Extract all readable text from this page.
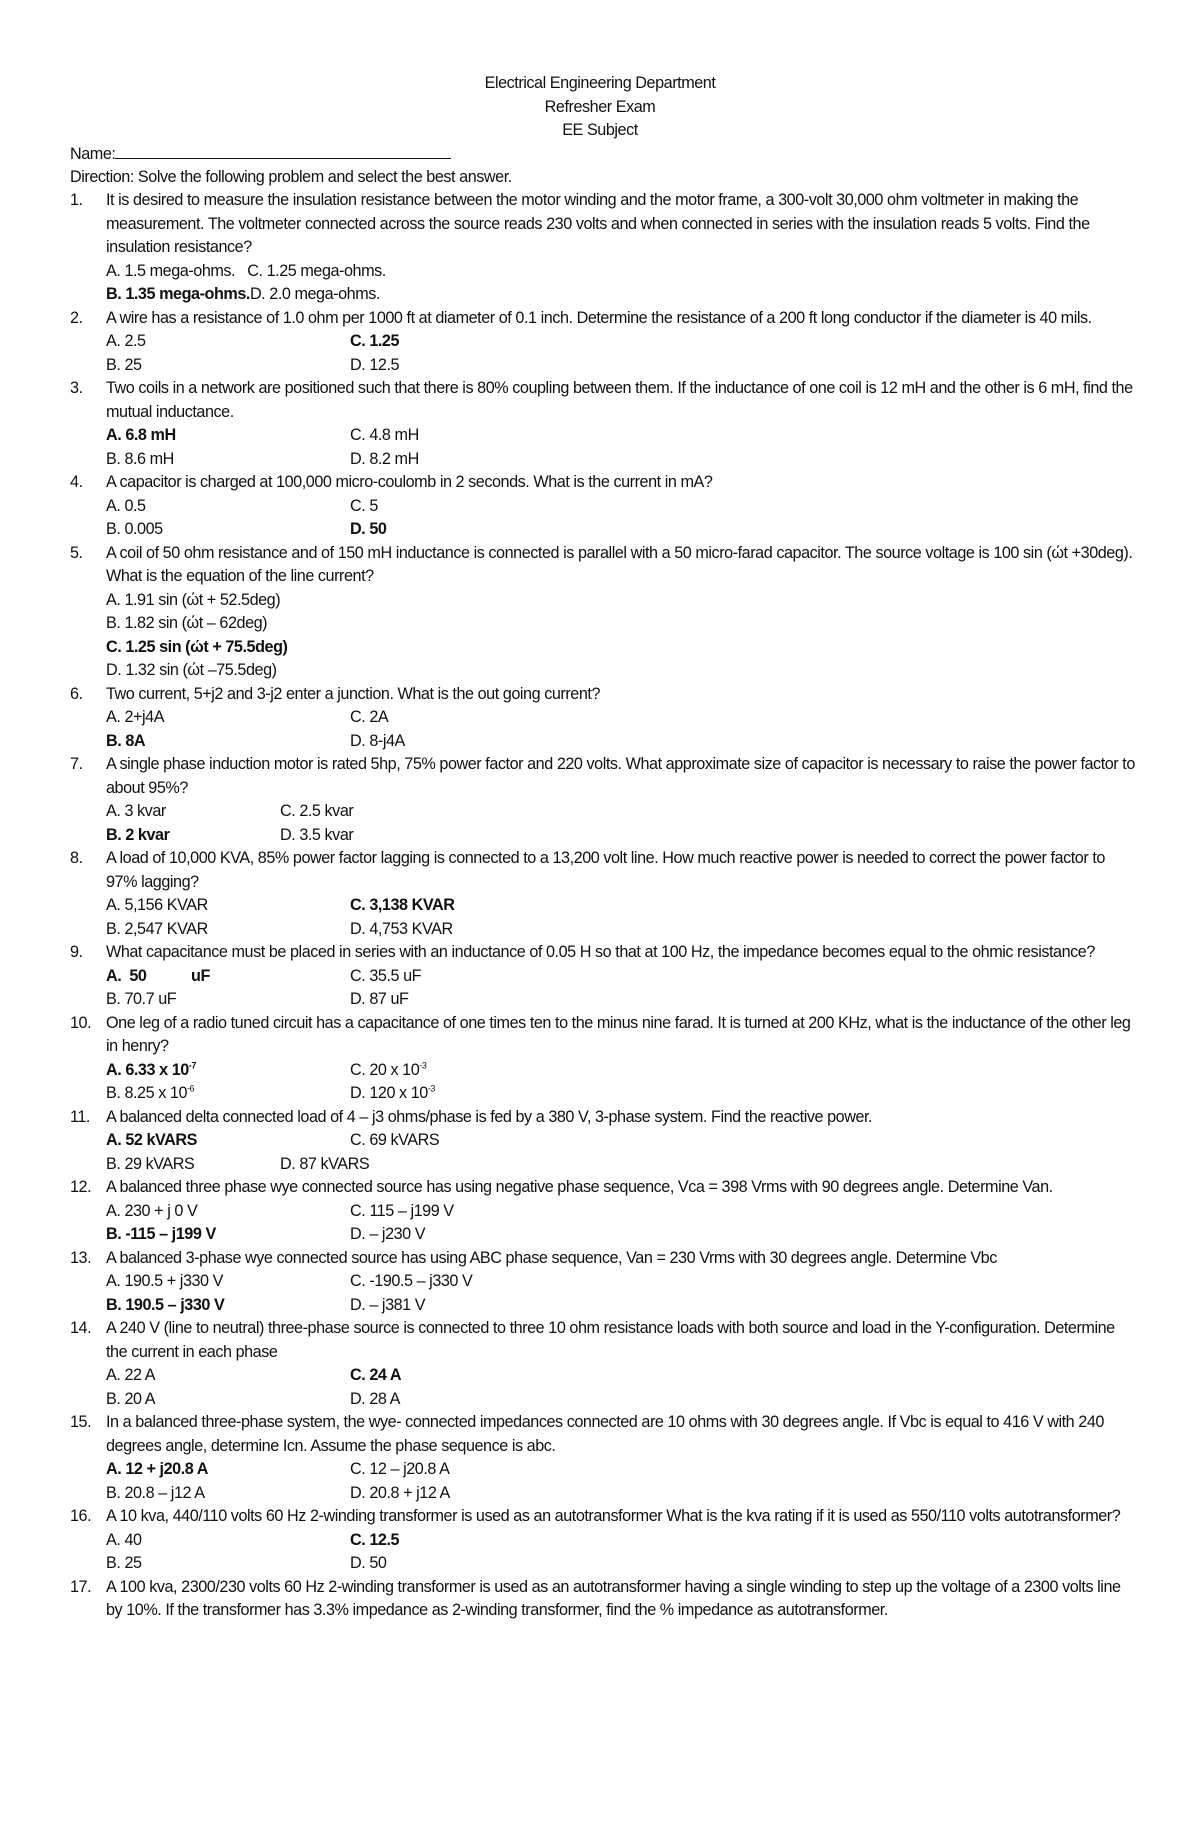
Electrical Engineering Department
Refresher Exam
EE Subject
Name:
Direction: Solve the following problem and select the best answer.
1. It is desired to measure the insulation resistance between the motor winding and the motor frame, a 300-volt 30,000 ohm voltmeter in making the measurement. The voltmeter connected across the source reads 230 volts and when connected in series with the insulation reads 5 volts. Find the insulation resistance?
A. 1.5 mega-ohms. C. 1.25 mega-ohms.
B. 1.35 mega-ohms.D. 2.0 mega-ohms.
2. A wire has a resistance of 1.0 ohm per 1000 ft at diameter of 0.1 inch. Determine the resistance of a 200 ft long conductor if the diameter is 40 mils.
A. 2.5	C. 1.25
B. 25	D. 12.5
3. Two coils in a network are positioned such that there is 80% coupling between them. If the inductance of one coil is 12 mH and the other is 6 mH, find the mutual inductance.
A. 6.8 mH	C. 4.8 mH
B. 8.6 mH	D. 8.2 mH
4. A capacitor is charged at 100,000 micro-coulomb in 2 seconds. What is the current in mA?
A. 0.5	C. 5
B. 0.005	D. 50
5. A coil of 50 ohm resistance and of 150 mH inductance is connected is parallel with a 50 micro-farad capacitor. The source voltage is 100 sin (ώt +30deg). What is the equation of the line current?
A. 1.91 sin (ώt + 52.5deg)
B. 1.82 sin (ώt – 62deg)
C. 1.25 sin (ώt + 75.5deg)
D. 1.32 sin (ώt –75.5deg)
6. Two current, 5+j2 and 3-j2 enter a junction. What is the out going current?
A. 2+j4A	C. 2A
B. 8A	D. 8-j4A
7. A single phase induction motor is rated 5hp, 75% power factor and 220 volts. What approximate size of capacitor is necessary to raise the power factor to about 95%?
A. 3 kvar	C. 2.5 kvar
B. 2 kvar	D. 3.5 kvar
8. A load of 10,000 KVA, 85% power factor lagging is connected to a 13,200 volt line. How much reactive power is needed to correct the power factor to 97% lagging?
A. 5,156 KVAR	C. 3,138 KVAR
B. 2,547 KVAR	D. 4,753 KVAR
9. What capacitance must be placed in series with an inductance of 0.05 H so that at 100 Hz, the impedance becomes equal to the ohmic resistance?
A.  50           uF	C. 35.5 uF
B. 70.7 uF	D. 87 uF
10. One leg of a radio tuned circuit has a capacitance of one times ten to the minus nine farad. It is turned at 200 KHz, what is the inductance of the other leg in henry?
A. 6.33 x $10^{-7}$	C. 20 x $10^{-3}$
B. 8.25 x $10^{-6}$	D. 120 x $10^{-3}$
11. A balanced delta connected load of 4 – j3 ohms/phase is fed by a 380 V, 3-phase system. Find the reactive power.
A. 52 kVARS	C. 69 kVARS
B. 29 kVARS	D. 87 kVARS
12. A balanced three phase wye connected source has using negative phase sequence, Vca = 398 Vrms with 90 degrees angle. Determine Van.
A. 230 + j 0 V	C. 115 – j199 V
B. -115 – j199 V	D. – j230 V
13. A balanced 3-phase wye connected source has using ABC phase sequence, Van = 230 Vrms with 30 degrees angle. Determine Vbc
A. 190.5 + j330 V	C. -190.5 – j330 V
B. 190.5 – j330 V	D. – j381 V
14. A 240 V (line to neutral) three-phase source is connected to three 10 ohm resistance loads with both source and load in the Y-configuration. Determine the current in each phase
A. 22 A	C. 24 A
B. 20 A	D. 28 A
15. In a balanced three-phase system, the wye- connected impedances connected are 10 ohms with 30 degrees angle. If Vbc is equal to 416 V with 240 degrees angle, determine Icn. Assume the phase sequence is abc.
A. 12 + j20.8 A	C. 12 – j20.8 A
B. 20.8 – j12 A	D. 20.8 + j12 A
16. A 10 kva, 440/110 volts 60 Hz 2-winding transformer is used as an autotransformer What is the kva rating if it is used as 550/110 volts autotransformer?
A. 40	C. 12.5
B. 25	D. 50
17. A 100 kva, 2300/230 volts 60 Hz 2-winding transformer is used as an autotransformer having a single winding to step up the voltage of a 2300 volts line by 10%. If the transformer has 3.3% impedance as 2-winding transformer, find the % impedance as autotransformer.
